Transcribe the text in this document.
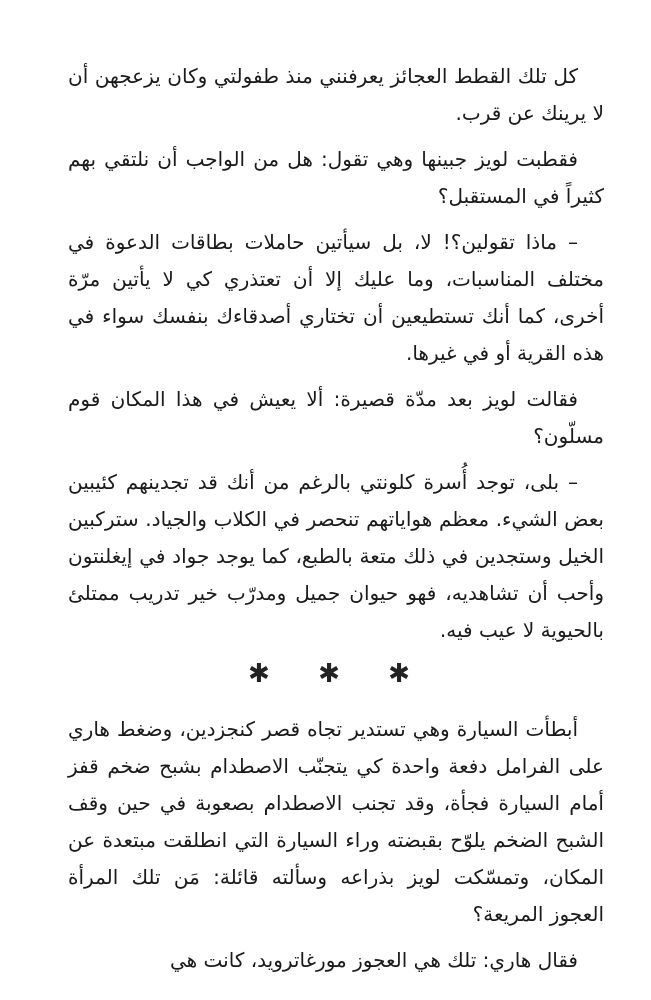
كل تلك القطط العجائز يعرفنني منذ طفولتي وكان يزعجهن أن لا يرينك عن قرب.

فقطبت لويز جبينها وهي تقول: هل من الواجب أن نلتقي بهم كثيراً في المستقبل؟

– ماذا تقولين؟! لا، بل سيأتين حاملات بطاقات الدعوة في مختلف المناسبات، وما عليك إلا أن تعتذري كي لا يأتين مرّة أخرى، كما أنك تستطيعين أن تختاري أصدقاءك بنفسك سواء في هذه القرية أو في غيرها.

فقالت لويز بعد مدّة قصيرة: ألا يعيش في هذا المكان قوم مسلّون؟

– بلى، توجد أُسرة كلونتي بالرغم من أنك قد تجدينهم كئيبين بعض الشيء. معظم هواياتهم تنحصر في الكلاب والجياد. ستركبين الخيل وستجدين في ذلك متعة بالطبع، كما يوجد جواد في إيغلنتون وأحب أن تشاهديه، فهو حيوان جميل ومدرّب خير تدريب ممتلئ بالحيوية لا عيب فيه.

✱ ✱ ✱

أبطأت السيارة وهي تستدير تجاه قصر كنجزدين، وضغط هاري على الفرامل دفعة واحدة كي يتجنّب الاصطدام بشبح ضخم قفز أمام السيارة فجأة، وقد تجنب الاصطدام بصعوبة في حين وقف الشبح الضخم يلوّح بقبضته وراء السيارة التي انطلقت مبتعدة عن المكان، وتمسّكت لويز بذراعه وسألته قائلة: مَن تلك المرأة العجوز المريعة؟

فقال هاري: تلك هي العجوز مورغاترويد، كانت هي
